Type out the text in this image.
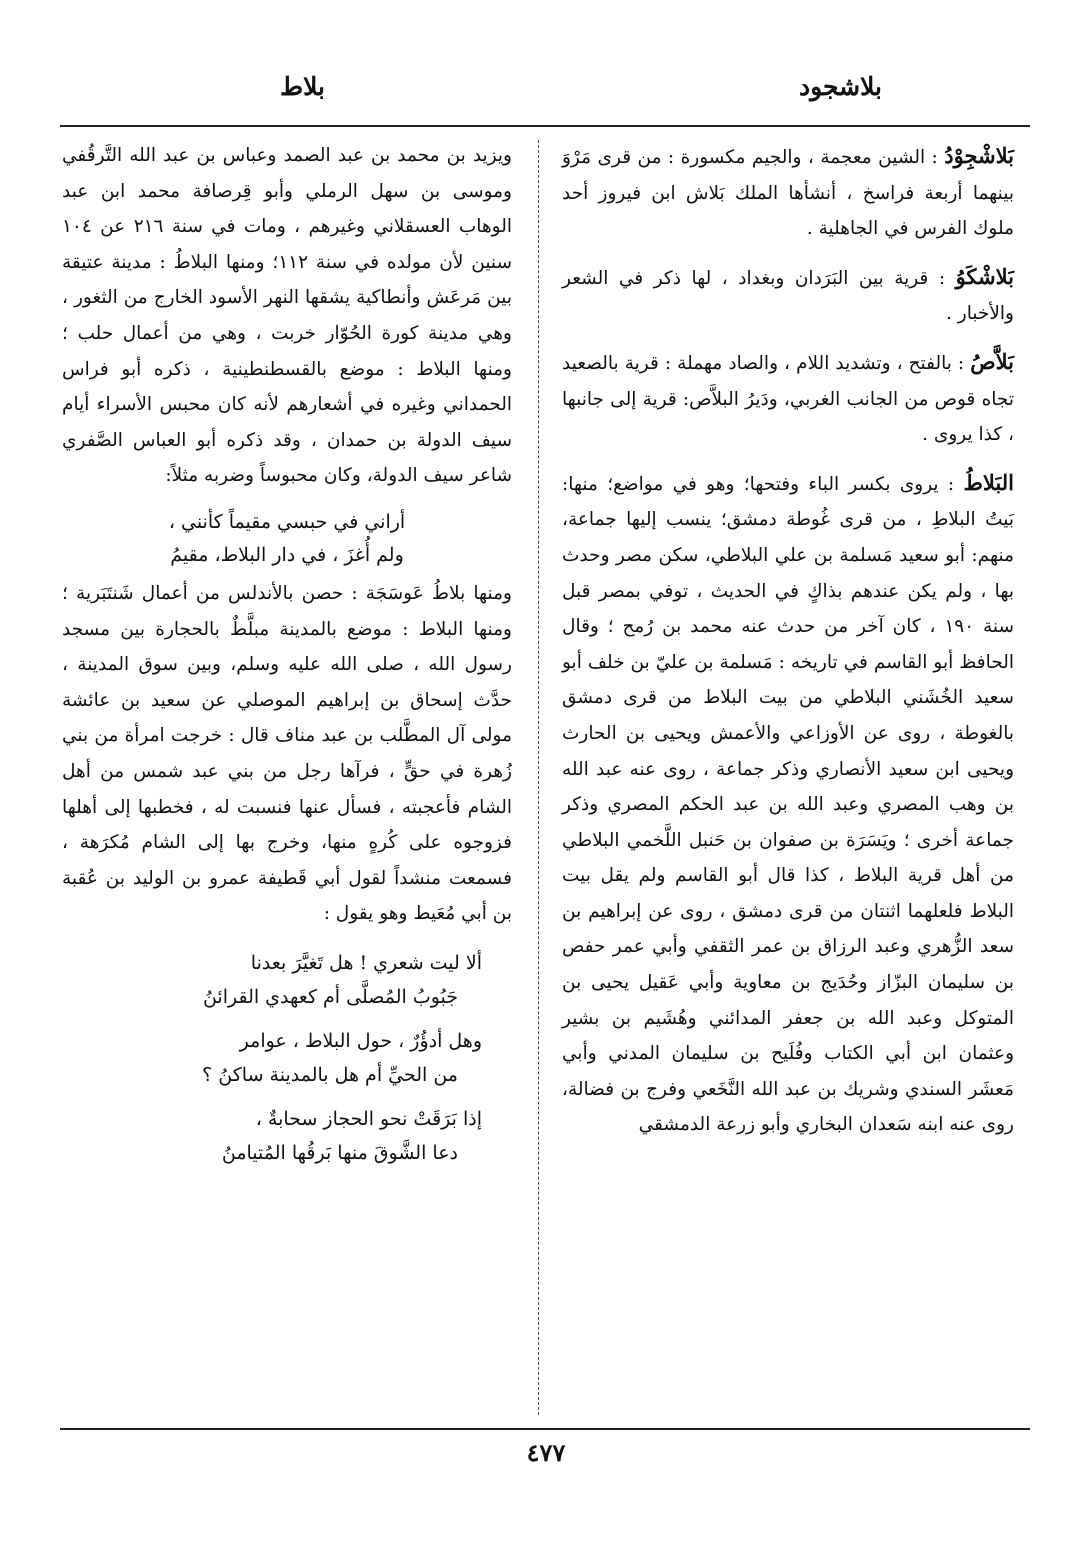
بلاشجود
بلاط

بَلاشْجِوْدُ : الشين معجمة ، والجيم مكسورة : من قرى مَرْوَ بينهما أربعة فراسخ ، أنشأها الملك بَلاش ابن فيروز أحد ملوك الفرس في الجاهلية .

بَلاشْكَوُ : قرية بين البَرَدان وبغداد ، لها ذكر في الشعر والأخبار .

بَلاَّصُ : بالفتح ، وتشديد اللام ، والصاد مهملة : قرية بالصعيد تجاه قوص من الجانب الغربي، ودَيرُ البلاَّص: قرية إلى جانبها ، كذا يروى .

البَلاطُ : يروى بكسر الباء وفتحها؛ وهو في مواضع؛ منها: بَيتُ البلاطِ ، من قرى غُوطة دمشق؛ ينسب إليها جماعة، منهم: أبو سعيد مَسلمة بن علي البلاطي، سكن مصر وحدث بها ، ولم يكن عندهم بذاكٍ في الحديث ، توفي بمصر قبل سنة ١٩٠ ، كان آخر من حدث عنه محمد بن رُمح ؛ وقال الحافظ أبو القاسم في تاريخه : مَسلمة بن عليّ بن خلف أبو سعيد الخُشَني البلاطي من بيت البلاط من قرى دمشق بالغوطة ، روى عن الأوزاعي والأعمش ويحيى بن الحارث ويحيى ابن سعيد الأنصاري وذكر جماعة ، روى عنه عبد الله بن وهب المصري وعبد الله بن عبد الحكم المصري وذكر جماعة أخرى ؛ ويَسَرَة بن صفوان بن حَنبل اللَّخمي البلاطي من أهل قرية البلاط ، كذا قال أبو القاسم ولم يقل بيت البلاط فلعلهما اثنتان من قرى دمشق ، روى عن إبراهيم بن سعد الزُّهري وعبد الرزاق بن عمر الثقفي وأبي عمر حفص بن سليمان البزّاز وحُدَيج بن معاوية وأبي عَقيل يحيى بن المتوكل وعبد الله بن جعفر المدائني وهُشَيم بن بشير وعثمان ابن أبي الكتاب وفُلَيح بن سليمان المدني وأبي مَعشَر السندي وشريك بن عبد الله النَّخَعي وفرج بن فضالة، روى عنه ابنه سَعدان البخاري وأبو زرعة الدمشقي

ويزيد بن محمد بن عبد الصمد وعباس بن عبد الله التَّرقُفي وموسى بن سهل الرملي وأبو قِرصافة محمد ابن عبد الوهاب العسقلاني وغيرهم ، ومات في سنة ٢١٦ عن ١٠٤ سنين لأن مولده في سنة ١١٢؛ ومنها البلاطُ : مدينة عتيقة بين مَرعَش وأنطاكية يشقها النهر الأسود الخارج من الثغور ، وهي مدينة كورة الحُوّار خربت ، وهي من أعمال حلب ؛ ومنها البلاط : موضع بالقسطنطينية ، ذكره أبو فراس الحمداني وغيره في أشعارهم لأنه كان محبس الأسراء أيام سيف الدولة بن حمدان ، وقد ذكره أبو العباس الصَّفري شاعر سيف الدولة، وكان محبوساً وضربه مثلاً:

أراني في حبسي مقيماً كأنني ،
ولم أُغزَ ، في دار البلاط، مقيمُ

ومنها بلاطُ عَوسَجَة : حصن بالأندلس من أعمال شَنتَبَرية ؛ ومنها البلاط : موضع بالمدينة مبلَّطٌ بالحجارة بين مسجد رسول الله ، صلى الله عليه وسلم، وبين سوق المدينة ، حدَّث إسحاق بن إبراهيم الموصلي عن سعيد بن عائشة مولى آل المطَّلب بن عبد مناف قال : خرجت امرأة من بني زُهرة في حقٍّ ، فرآها رجل من بني عبد شمس من أهل الشام فأعجبته ، فسأل عنها فنسبت له ، فخطبها إلى أهلها فزوجوه على كُرهٍ منها، وخرج بها إلى الشام مُكرَهة ، فسمعت منشداً لقول أبي قَطيفة عمرو بن الوليد بن عُقبة بن أبي مُعَيط وهو يقول :

ألا ليت شعري ! هل تَغيَّرَ بعدنا
جَبُوبُ المُصلَّى أم كعهدي القرائنُ
وهل أدؤُرٌ ، حول البلاط ، عوامر
من الحيِّ أم هل بالمدينة ساكنُ ؟
إذا بَرَقَتْ نحو الحجاز سحابةٌ ،
دعا الشَّوقَ منها بَرقُها المُتيامنُ
٤٧٧
